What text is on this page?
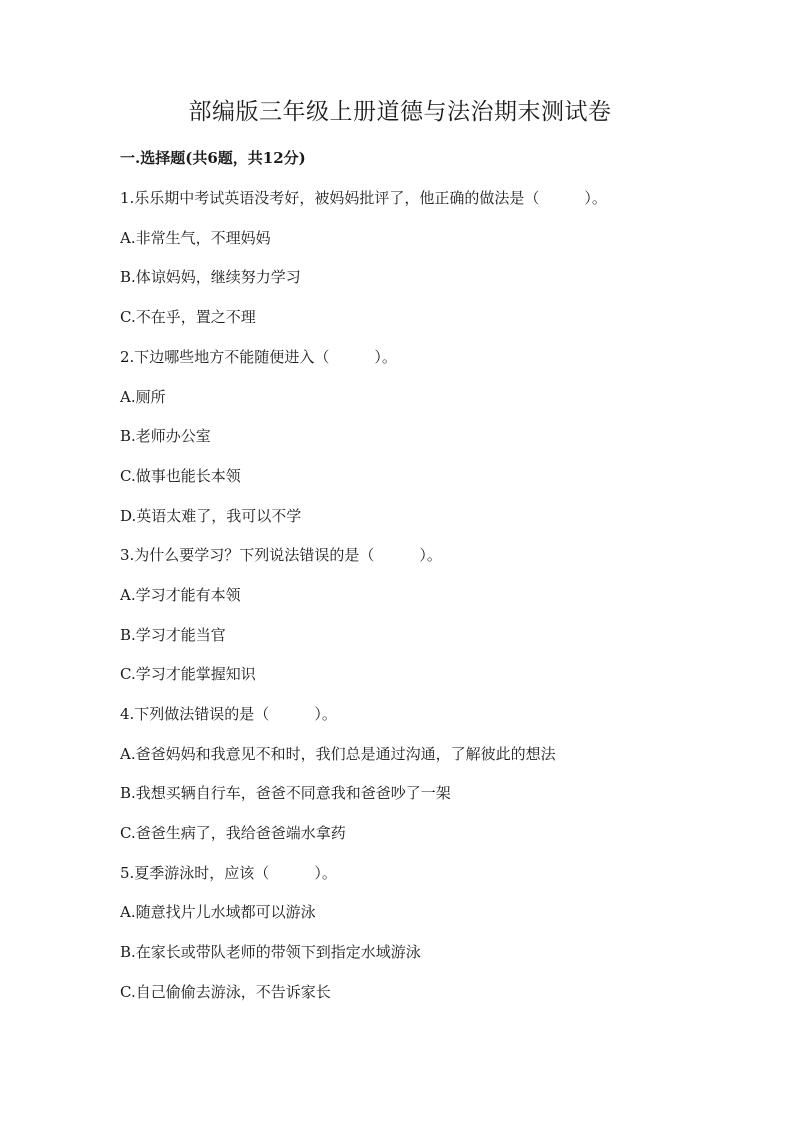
部编版三年级上册道德与法治期末测试卷
一.选择题(共6题，共12分)
1.乐乐期中考试英语没考好，被妈妈批评了，他正确的做法是（　　　）。
A.非常生气，不理妈妈
B.体谅妈妈，继续努力学习
C.不在乎，置之不理
2.下边哪些地方不能随便进入（　　　）。
A.厕所
B.老师办公室
C.做事也能长本领
D.英语太难了，我可以不学
3.为什么要学习？下列说法错误的是（　　　）。
A.学习才能有本领
B.学习才能当官
C.学习才能掌握知识
4.下列做法错误的是（　　　）。
A.爸爸妈妈和我意见不和时，我们总是通过沟通，了解彼此的想法
B.我想买辆自行车，爸爸不同意我和爸爸吵了一架
C.爸爸生病了，我给爸爸端水拿药
5.夏季游泳时，应该（　　　）。
A.随意找片儿水域都可以游泳
B.在家长或带队老师的带领下到指定水域游泳
C.自己偷偷去游泳，不告诉家长
